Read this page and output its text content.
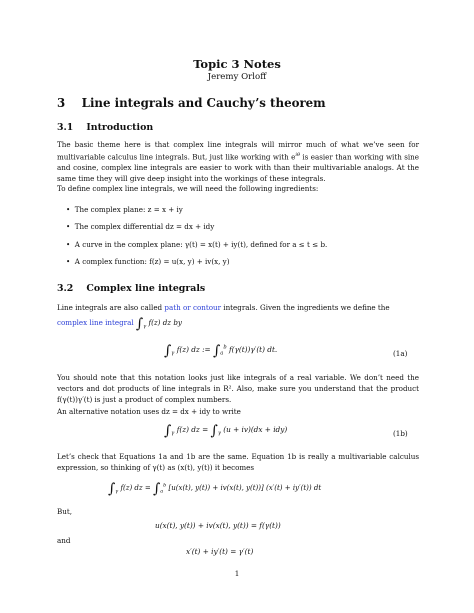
Topic 3 Notes
Jeremy Orloff
3 Line integrals and Cauchy’s theorem
3.1 Introduction
The basic theme here is that complex line integrals will mirror much of what we’ve seen for multivariable calculus line integrals. But, just like working with $e^{i\theta}$ is easier than working with sine and cosine, complex line integrals are easier to work with than their multivariable analogs. At the same time they will give deep insight into the workings of these integrals.
To define complex line integrals, we will need the following ingredients:
•  The complex plane: z = x + iy
•  The complex differential dz = dx + idy
•  A curve in the complex plane: γ(t) = x(t) + iy(t), defined for a ≤ t ≤ b.
•  A complex function: f(z) = u(x, y) + iv(x, y)
3.2 Complex line integrals
Line integrals are also called path or contour integrals. Given the ingredients we define the
complex line integral $\int_\gamma$ f(z) dz by
$\int_\gamma$ f(z) dz := $\int_a^b$ f(γ(t))γ′(t) dt.	(1a)
You should note that this notation looks just like integrals of a real variable. We don’t need the vectors and dot products of line integrals in R². Also, make sure you understand that the product f(γ(t))γ′(t) is just a product of complex numbers.
An alternative notation uses dz = dx + idy to write
$\int_\gamma$ f(z) dz = $\int_\gamma$ (u + iv)(dx + idy)	(1b)
Let’s check that Equations 1a and 1b are the same. Equation 1b is really a multivariable calculus expression, so thinking of γ(t) as (x(t), y(t)) it becomes
$\int_\gamma$ f(z) dz = $\int_a^b$ [u(x(t), y(t)) + iv(x(t), y(t))] (x′(t) + iy′(t)) dt
But,
u(x(t), y(t)) + iv(x(t), y(t)) = f(γ(t))
and
x′(t) + iy′(t) = γ′(t)
1
